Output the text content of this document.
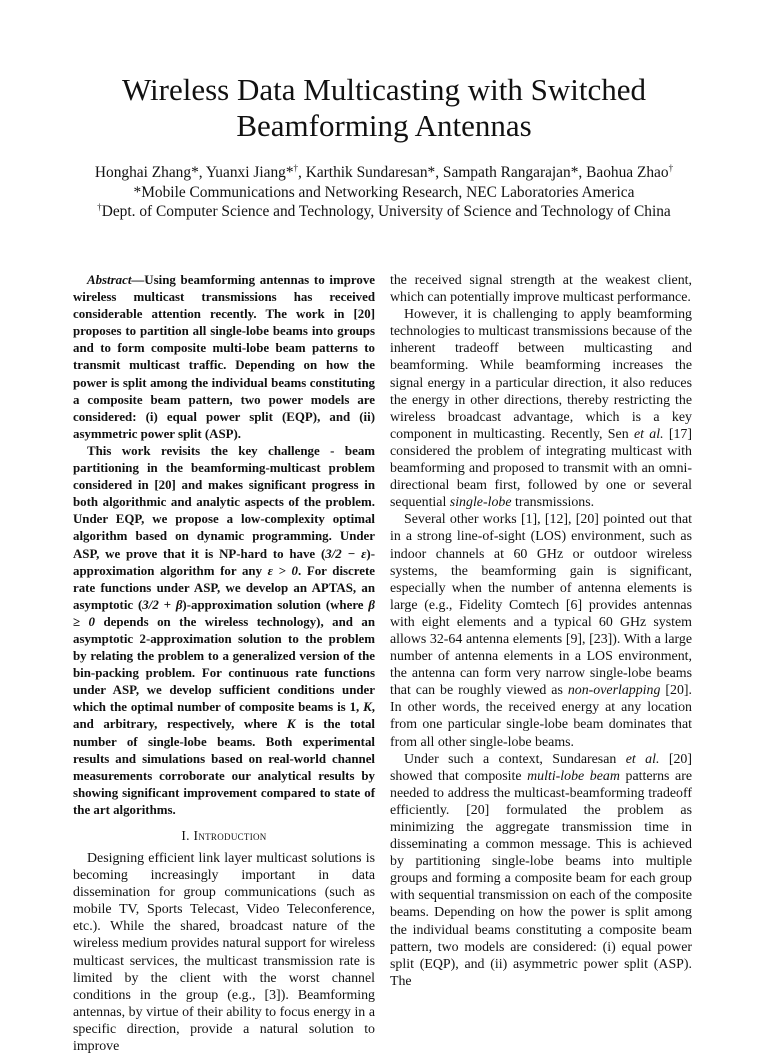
Wireless Data Multicasting with Switched
Beamforming Antennas
Honghai Zhang*, Yuanxi Jiang*†, Karthik Sundaresan*, Sampath Rangarajan*, Baohua Zhao†
*Mobile Communications and Networking Research, NEC Laboratories America
†Dept. of Computer Science and Technology, University of Science and Technology of China

Abstract—Using beamforming antennas to improve wireless multicast transmissions has received considerable attention recently. The work in [20] proposes to partition all single-lobe beams into groups and to form composite multi-lobe beam patterns to transmit multicast traffic. Depending on how the power is split among the individual beams constituting a composite beam pattern, two power models are considered: (i) equal power split (EQP), and (ii) asymmetric power split (ASP).

This work revisits the key challenge - beam partitioning in the beamforming-multicast problem considered in [20] and makes significant progress in both algorithmic and analytic aspects of the problem. Under EQP, we propose a low-complexity optimal algorithm based on dynamic programming. Under ASP, we prove that it is NP-hard to have (3/2 − ε)-approximation algorithm for any ε > 0. For discrete rate functions under ASP, we develop an APTAS, an asymptotic (3/2 + β)-approximation solution (where β ≥ 0 depends on the wireless technology), and an asymptotic 2-approximation solution to the problem by relating the problem to a generalized version of the bin-packing problem. For continuous rate functions under ASP, we develop sufficient conditions under which the optimal number of composite beams is 1, K, and arbitrary, respectively, where K is the total number of single-lobe beams. Both experimental results and simulations based on real-world channel measurements corroborate our analytical results by showing significant improvement compared to state of the art algorithms.

I. Introduction

Designing efficient link layer multicast solutions is becoming increasingly important in data dissemination for group communications (such as mobile TV, Sports Telecast, Video Teleconference, etc.). While the shared, broadcast nature of the wireless medium provides natural support for wireless multicast services, the multicast transmission rate is limited by the client with the worst channel conditions in the group (e.g., [3]). Beamforming antennas, by virtue of their ability to focus energy in a specific direction, provide a natural solution to improve

the received signal strength at the weakest client, which can potentially improve multicast performance.

However, it is challenging to apply beamforming technologies to multicast transmissions because of the inherent tradeoff between multicasting and beamforming. While beamforming increases the signal energy in a particular direction, it also reduces the energy in other directions, thereby restricting the wireless broadcast advantage, which is a key component in multicasting. Recently, Sen et al. [17] considered the problem of integrating multicast with beamforming and proposed to transmit with an omni-directional beam first, followed by one or several sequential single-lobe transmissions.

Several other works [1], [12], [20] pointed out that in a strong line-of-sight (LOS) environment, such as indoor channels at 60 GHz or outdoor wireless systems, the beamforming gain is significant, especially when the number of antenna elements is large (e.g., Fidelity Comtech [6] provides antennas with eight elements and a typical 60 GHz system allows 32-64 antenna elements [9], [23]). With a large number of antenna elements in a LOS environment, the antenna can form very narrow single-lobe beams that can be roughly viewed as non-overlapping [20]. In other words, the received energy at any location from one particular single-lobe beam dominates that from all other single-lobe beams.

Under such a context, Sundaresan et al. [20] showed that composite multi-lobe beam patterns are needed to address the multicast-beamforming tradeoff efficiently. [20] formulated the problem as minimizing the aggregate transmission time in disseminating a common message. This is achieved by partitioning single-lobe beams into multiple groups and forming a composite beam for each group with sequential transmission on each of the composite beams. Depending on how the power is split among the individual beams constituting a composite beam pattern, two models are considered: (i) equal power split (EQP), and (ii) asymmetric power split (ASP). The
